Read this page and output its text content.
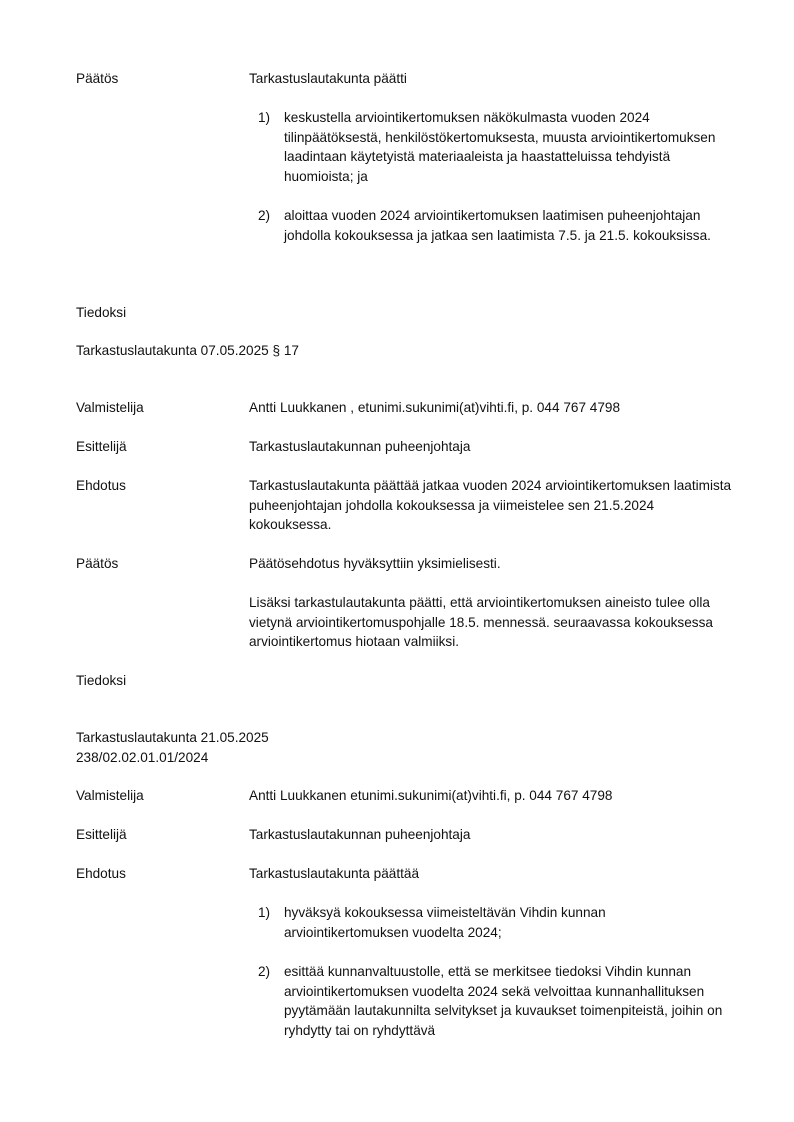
Päätös	Tarkastuslautakunta päätti
1) keskustella arviointikertomuksen näkökulmasta vuoden 2024 tilinpäätöksestä, henkilöstökertomuksesta, muusta arviointikertomuksen laadintaan käytetyistä materiaaleista ja haastatteluissa tehdyistä huomioista; ja
2) aloittaa vuoden 2024 arviointikertomuksen laatimisen puheenjohtajan johdolla kokouksessa ja jatkaa sen laatimista 7.5. ja 21.5. kokouksissa.
Tiedoksi
Tarkastuslautakunta 07.05.2025 § 17
Valmistelija	Antti Luukkanen , etunimi.sukunimi(at)vihti.fi, p. 044 767 4798
Esittelijä	Tarkastuslautakunnan puheenjohtaja
Ehdotus	Tarkastuslautakunta päättää jatkaa vuoden 2024 arviointikertomuksen laatimista puheenjohtajan johdolla kokouksessa ja viimeistelee sen 21.5.2024 kokouksessa.
Päätös	Päätösehdotus hyväksyttiin yksimielisesti.
Lisäksi tarkastulautakunta päätti, että arviointikertomuksen aineisto tulee olla vietynä arviointikertomuspohjalle 18.5. mennessä. seuraavassa kokouksessa arviointikertomus hiotaan valmiiksi.
Tiedoksi
Tarkastuslautakunta 21.05.2025
238/02.02.01.01/2024
Valmistelija	Antti Luukkanen etunimi.sukunimi(at)vihti.fi, p. 044 767 4798
Esittelijä	Tarkastuslautakunnan puheenjohtaja
Ehdotus	Tarkastuslautakunta päättää
1) hyväksyä kokouksessa viimeisteltävän Vihdin kunnan arviointikertomuksen vuodelta 2024;
2) esittää kunnanvaltuustolle, että se merkitsee tiedoksi Vihdin kunnan arviointikertomuksen vuodelta 2024 sekä velvoittaa kunnanhallituksen pyytämään lautakunnilta selvitykset ja kuvaukset toimenpiteistä, joihin on ryhdytty tai on ryhdyttävä
